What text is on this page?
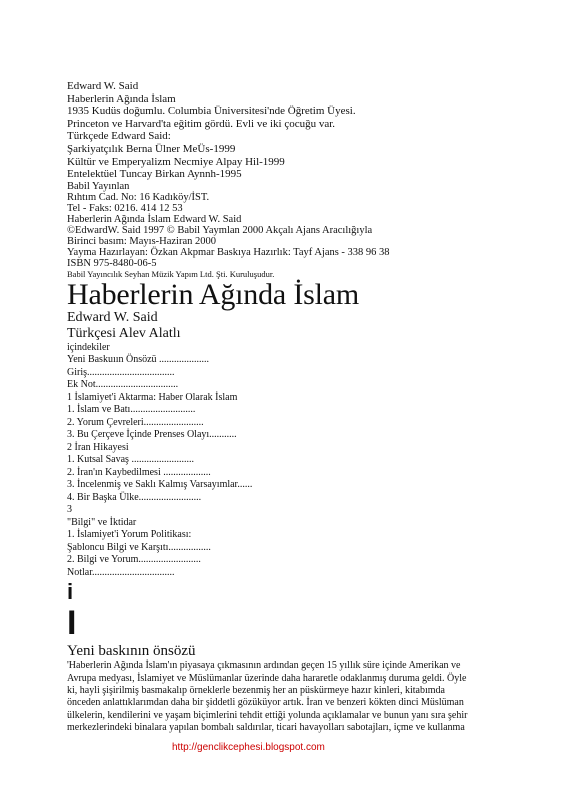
Edward W. Said
Haberlerin Ağında İslam
1935 Kudüs doğumlu. Columbia Üniversitesi'nde Öğretim Üyesi.
Princeton ve Harvard'ta eğitim gördü. Evli ve iki çocuğu var.
Türkçede Edward Said:
Şarkiyatçılık Berna Ülner MeÜs-1999
Kültür ve Emperyalizm Necmiye Alpay Hil-1999
Entelektüel Tuncay Birkan Aynnh-1995
Babil Yayınlan
Rıhtım Cad. No: 16 Kadıköy/İST.
Tel - Faks: 0216. 414 12 53
Haberlerin Ağında İslam Edward W. Said
©EdwardW. Said 1997 © Babil Yaymlan 2000 Akçalı Ajans Aracılığıyla
Birinci basım: Mayıs-Haziran 2000
Yayma Hazırlayan: Özkan Akpmar Baskıya Hazırlık: Tayf Ajans - 338 96 38
ISBN 975-8480-06-5
Babil Yayıncılık Seyhan Müzik Yapım Ltd. Şti. Kuruluşudur.
Haberlerin Ağında İslam
Edward W. Said
Türkçesi Alev Alatlı
içindekiler
Yeni Baskuıın Önsözü ....................
Giriş...................................
Ek Not.................................
1 İslamiyet'i Aktarma: Haber Olarak İslam
1. İslam ve Batı..........................
2. Yorum Çevreleri........................
3. Bu Çerçeve İçinde Prenses Olayı...........
2 İran Hikayesi
1. Kutsal Savaş .........................
2. İran'ın Kaybedilmesi ...................
3. İncelenmiş ve Saklı Kalmış Varsayımlar......
4. Bir Başka Ülke.........................
3
"Bilgi" ve İktidar
1. İslamiyet'i Yorum Politikası:
Şabloncu Bilgi ve Karşıtı.................
2. Bilgi ve Yorum.........................
Notlar.................................
i
I
Yeni baskının önsözü
'Haberlerin Ağında İslam'ın piyasaya çıkmasının ardından geçen 15 yıllık süre içinde Amerikan ve
Avrupa medyası, İslamiyet ve Müslümanlar üzerinde daha hararetle odaklanmış duruma geldi. Öyle
ki, hayli şişirilmiş basmakalıp örneklerle bezenmiş her an püskürmeye hazır kinleri, kitabımda
önceden anlattıklarımdan daha bir şiddetli gözüküyor artık. İran ve benzeri kökten dinci Müslüman
ülkelerin, kendilerini ve yaşam biçimlerini tehdit ettiği yolunda açıklamalar ve bunun yanı sıra şehir
merkezlerindeki binalara yapılan bombalı saldırılar, ticari havayolları sabotajları, içme ve kullanma
http://genclikcephesi.blogspot.com
